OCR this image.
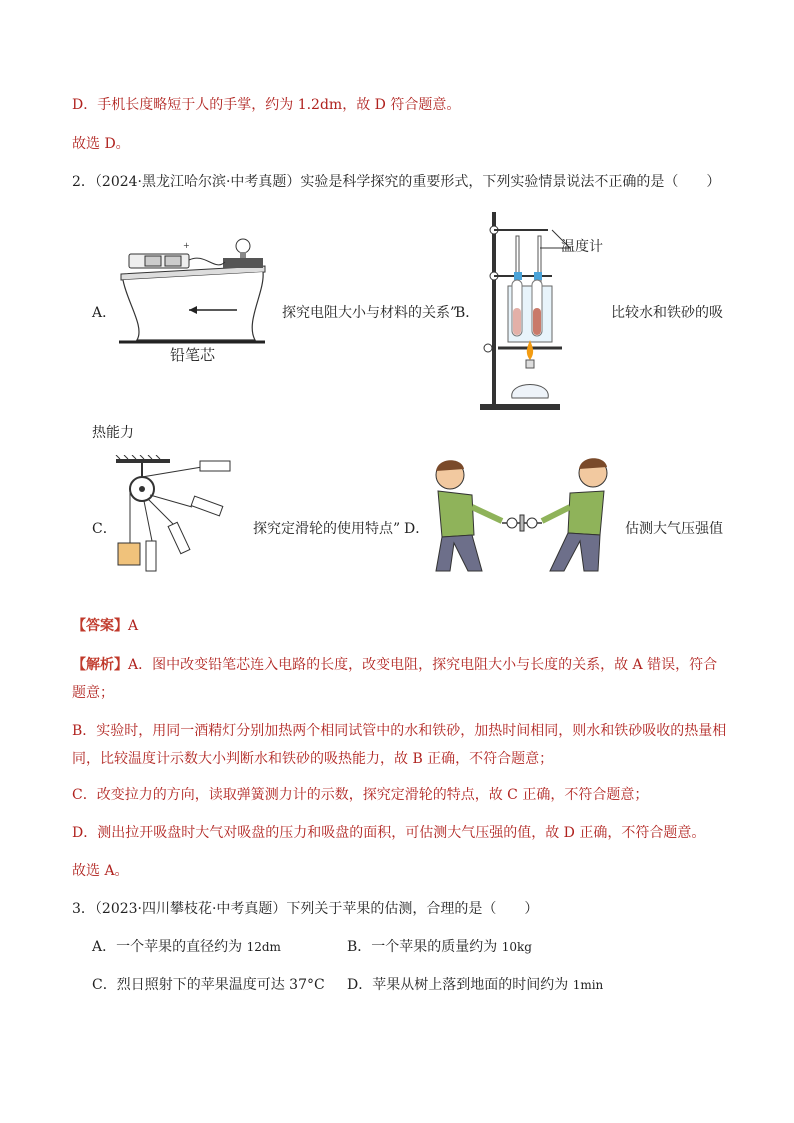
D．手机长度略短于人的手掌，约为 1.2dm，故 D 符合题意。
故选 D。
2．（2024·黑龙江哈尔滨·中考真题）实验是科学探究的重要形式，下列实验情景说法不正确的是（　　）
+
铅笔芯
A．	探究电阻大小与材料的关系”
B．
温度计
比较水和铁砂的吸
热能力
C．	探究定滑轮的使用特点” D．	估测大气压强值
【答案】A
【解析】A．图中改变铅笔芯连入电路的长度，改变电阻，探究电阻大小与长度的关系，故 A 错误，符合
题意；
B．实验时，用同一酒精灯分别加热两个相同试管中的水和铁砂，加热时间相同，则水和铁砂吸收的热量相
同，比较温度计示数大小判断水和铁砂的吸热能力，故 B 正确，不符合题意；
C．改变拉力的方向，读取弹簧测力计的示数，探究定滑轮的特点，故 C 正确，不符合题意；
D．测出拉开吸盘时大气对吸盘的压力和吸盘的面积，可估测大气压强的值，故 D 正确，不符合题意。
故选 A。
3．（2023·四川攀枝花·中考真题）下列关于苹果的估测，合理的是（　　）
A．一个苹果的直径约为 12dm	B．一个苹果的质量约为 10kg
C．烈日照射下的苹果温度可达 37°C D．苹果从树上落到地面的时间约为 1min
